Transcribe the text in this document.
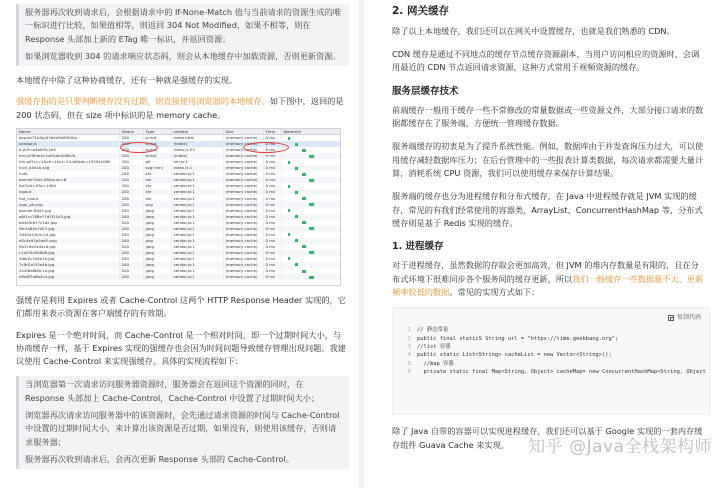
服务器再次收到请求后，会根据请求中的 If-None-Match 值与当前请求的资源生成的唯一标识进行比较，如果值相等，则返回 304 Not Modified，如果不相等，则在 Response 头部加上新的 ETag 唯一标识，并返回资源；

如果浏览器收到 304 的请求响应状态码，则会从本地缓存中加载资源，否则更新资源。

本地缓存中除了这种协商缓存，还有一种就是强缓存的实现。

强缓存指的是只要判断缓存没有过期，则直接使用浏览器的本地缓存。如下图中，返回的是 200 状态码，但在 size 项中标识的是 memory cache。

Name	Status	Type	Initiator	Size	Time	Waterfall
app/js/71b9b/03b9e9b8f50f.js	200	script	index.html	(memory cache)	0 ms	

vendor.js	200	script	(index)	(memory cache)	0 ms	

b.js?t=a4b8f3c2e9	200	script	index.js:23	(memory cache)	0 ms	

hm.js?9f4e4c1a2fcab3d8b7e	200	script	(index)	(memory cache)	0 ms	

hm.gif?cc=1&ck=1&cl=24-bit&ds=1920x1080	200	gif	hm.js:1	(memory cache)	0 ms	

icon_a4e1b.svg	200	svg+xml	index.js:1	(memory cache)	0 ms	

num	200	xhr	vendor.js:1	(memory cache)	0 ms	

banner?cid=28&num=6	200	xhr	vendor.js:1	(memory cache)	0 ms	

list?cid=2&t=1564	200	xhr	vendor.js:1	(memory cache)	0 ms	

logout	200	xhr	vendor.js:1	(memory cache)	0 ms	

hot_count	200	xhr	vendor.js:1	(memory cache)	0 ms	

logo_gk.png	200	png	vendor.js:1	(memory cache)	0 ms	

banner-8d41.jpg	200	jpeg	vendor.js:1	(memory cache)	0 ms	

a6f1cc788e77d7f21b3.jpg	200	jpeg	vendor.js:1	(memory cache)	0 ms	

b04e5fb77c1b2.jpg	200	jpeg	vendor.js:1	(memory cache)	0 ms	

f8c2a84e7d23.jpg	200	jpeg	vendor.js:1	(memory cache)	0 ms	

3d45a15b1c24.jpg	200	jpeg	vendor.js:1	(memory cache)	0 ms	

e0c4e91b5ad3.png	200	png	vendor.js:1	(memory cache)	0 ms	

9b17de2e44cd.jpg	200	jpeg	vendor.js:1	(memory cache)	0 ms	

c1a2f4d3b8e6.jpg	200	jpeg	vendor.js:1	(memory cache)	0 ms	

5fae2c7d9b10.jpg	200	jpeg	vendor.js:1	(memory cache)	0 ms	

7c8d1e2f3a4b.jpg	200	jpeg	vendor.js:1	(memory cache)	0 ms	

2e4f6a8b0c1d.jpg	200	jpeg	vendor.js:1	(memory cache)	0 ms	

d9e8f7a6b5c4.jpg	200	jpeg	vendor.js:1	(memory cache)	0 ms	

强缓存是利用 Expires 或者 Cache-Control 这两个 HTTP Response Header 实现的，它们都用来表示资源在客户端缓存的有效期。

Expires 是一个绝对时间，而 Cache-Control 是一个相对时间，即一个过期时间大小，与协商缓存一样，基于 Expires 实现的强缓存也会因为时间问题导致缓存管理出现问题。我建议使用 Cache-Control 来实现强缓存。具体的实现流程如下：

当浏览器第一次请求访问服务器资源时，服务器会在返回这个资源的同时，在 Response 头部加上 Cache-Control，Cache-Control 中设置了过期时间大小；

浏览器再次请求访问服务器中的该资源时，会先通过请求资源的时间与 Cache-Control 中设置的过期时间大小，来计算出该资源是否过期，如果没有，则使用该缓存，否则请求服务器；

服务器再次收到请求后，会再次更新 Response 头部的 Cache-Control。

2. 网关缓存

除了以上本地缓存，我们还可以在网关中设置缓存，也就是我们熟悉的 CDN。

CDN 缓存是通过不同地点的缓存节点缓存资源副本，当用户访问相应的资源时，会调用最近的 CDN 节点返回请求资源，这种方式常用于视频资源的缓存。

服务层缓存技术

前端缓存一般用于缓存一些不常修改的常量数据或一些资源文件，大部分接口请求的数据都缓存在了服务端，方便统一管理缓存数据。

服务端缓存的初衷是为了提升系统性能。例如，数据库由于并发查询压力过大，可以使用缓存减轻数据库压力；在后台管理中的一些报表计算类数据，每次请求都需要大量计算，消耗系统 CPU 资源，我们可以使用缓存来保存计算结果。

服务端的缓存也分为进程缓存和分布式缓存，在 Java 中进程缓存就是 JVM 实现的缓存，常见的有我们经常使用的容器类，ArrayList、ConcurrentHashMap 等，分布式缓存则是基于 Redis 实现的缓存。

1. 进程缓存

对于进程缓存，虽然数据的存取会更加高效，但 JVM 的堆内存数量是有限的，且在分布式环境下很难同步各个服务间的缓存更新，所以我们一般缓存一些数据量不大、更新频率较低的数据。常见的实现方式如下：

复制代码
1 // 静态常量
2 public final staticS String url = "https://time.geekbang.org";
3 //list 容器
4 public static List<String> cacheList = new Vector<String>();
5  //map 容器
6  private static final Map<String, Object> cacheMap= new ConcurrentHashMap<String, Object

除了 Java 自带的容器可以实现进程缓存，我们还可以基于 Google 实现的一套内存缓存组件 Guava Cache 来实现。	知乎 @Java全栈架构师
